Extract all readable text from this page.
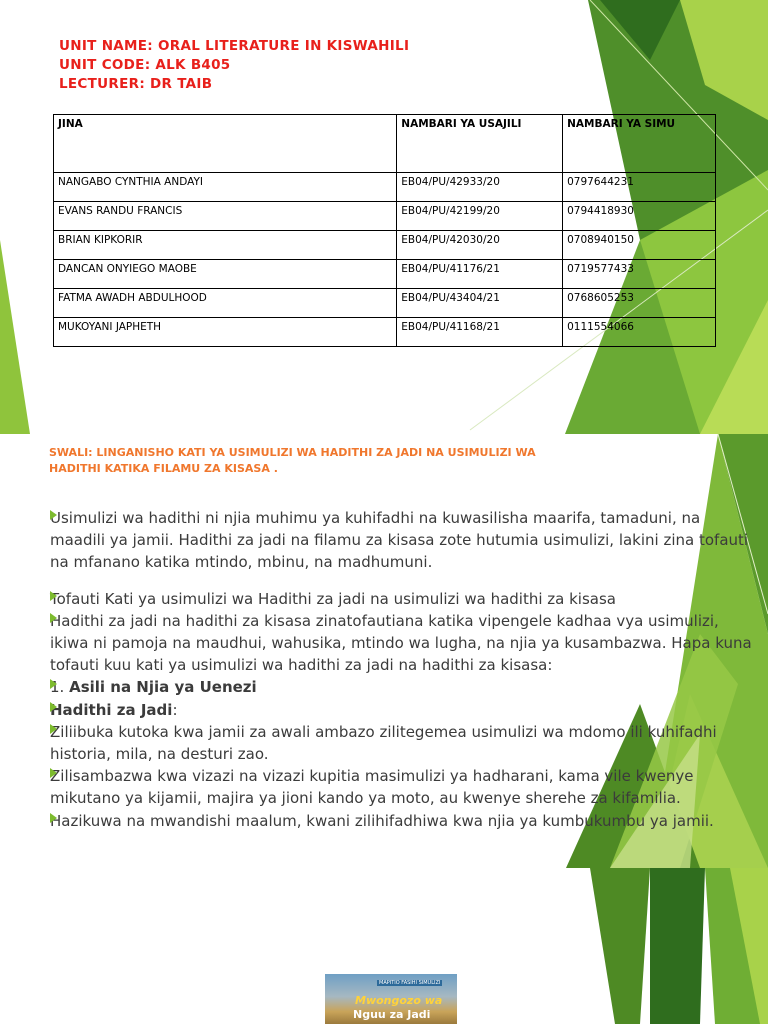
UNIT NAME: ORAL LITERATURE IN KISWAHILI
UNIT CODE: ALK B405
LECTURER: DR TAIB
JINA	NAMBARI YA USAJILI	NAMBARI YA SIMU
NANGABO CYNTHIA ANDAYI	EB04/PU/42933/20	0797644231
EVANS RANDU FRANCIS	EB04/PU/42199/20	0794418930
BRIAN KIPKORIR	EB04/PU/42030/20	0708940150
DANCAN ONYIEGO MAOBE	EB04/PU/41176/21	0719577433
FATMA AWADH ABDULHOOD	EB04/PU/43404/21	0768605253
MUKOYANI JAPHETH	EB04/PU/41168/21	0111554066
SWALI: LINGANISHO KATI YA USIMULIZI WA HADITHI ZA JADI NA USIMULIZI WA HADITHI KATIKA FILAMU ZA KISASA .

Usimulizi wa hadithi ni njia muhimu ya kuhifadhi na kuwasilisha maarifa, tamaduni, na maadili ya jamii. Hadithi za jadi na filamu za kisasa zote hutumia usimulizi, lakini zina tofauti na mfanano katika mtindo, mbinu, na madhumuni.

Tofauti Kati ya usimulizi wa Hadithi za jadi na usimulizi wa hadithi za kisasa

Hadithi za jadi na hadithi za kisasa zinatofautiana katika vipengele kadhaa vya usimulizi, ikiwa ni pamoja na maudhui, wahusika, mtindo wa lugha, na njia ya kusambazwa. Hapa kuna tofauti kuu kati ya usimulizi wa hadithi za jadi na hadithi za kisasa:

1. Asili na Njia ya Uenezi

Hadithi za Jadi:

Ziliibuka kutoka kwa jamii za awali ambazo zilitegemea usimulizi wa mdomo ili kuhifadhi historia, mila, na desturi zao.

Zilisambazwa kwa vizazi na vizazi kupitia masimulizi ya hadharani, kama vile kwenye mikutano ya kijamii, majira ya jioni kando ya moto, au kwenye sherehe za kifamilia.

Hazikuwa na mwandishi maalum, kwani zilihifadhiwa kwa njia ya kumbukumbu ya jamii.

MAPITIO FASIHI SIMULIZI
Mwongozo wa
Nguu za Jadi
